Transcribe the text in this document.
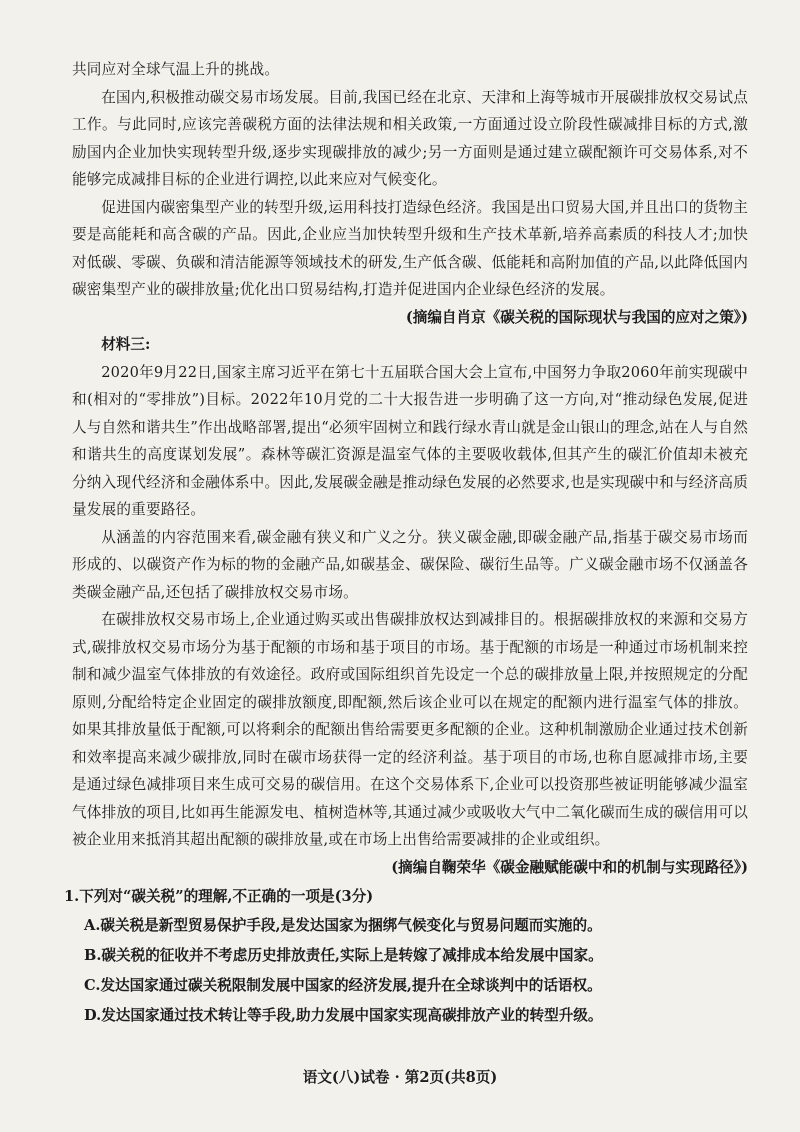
共同应对全球气温上升的挑战。

在国内,积极推动碳交易市场发展。目前,我国已经在北京、天津和上海等城市开展碳排放权交易试点工作。与此同时,应该完善碳税方面的法律法规和相关政策,一方面通过设立阶段性碳减排目标的方式,激励国内企业加快实现转型升级,逐步实现碳排放的减少;另一方面则是通过建立碳配额许可交易体系,对不能够完成减排目标的企业进行调控,以此来应对气候变化。

促进国内碳密集型产业的转型升级,运用科技打造绿色经济。我国是出口贸易大国,并且出口的货物主要是高能耗和高含碳的产品。因此,企业应当加快转型升级和生产技术革新,培养高素质的科技人才;加快对低碳、零碳、负碳和清洁能源等领域技术的研发,生产低含碳、低能耗和高附加值的产品,以此降低国内碳密集型产业的碳排放量;优化出口贸易结构,打造并促进国内企业绿色经济的发展。

(摘编自肖京《碳关税的国际现状与我国的应对之策》)

材料三:

2020年9月22日,国家主席习近平在第七十五届联合国大会上宣布,中国努力争取2060年前实现碳中和(相对的“零排放”)目标。2022年10月党的二十大报告进一步明确了这一方向,对“推动绿色发展,促进人与自然和谐共生”作出战略部署,提出“必须牢固树立和践行绿水青山就是金山银山的理念,站在人与自然和谐共生的高度谋划发展”。森林等碳汇资源是温室气体的主要吸收载体,但其产生的碳汇价值却未被充分纳入现代经济和金融体系中。因此,发展碳金融是推动绿色发展的必然要求,也是实现碳中和与经济高质量发展的重要路径。

从涵盖的内容范围来看,碳金融有狭义和广义之分。狭义碳金融,即碳金融产品,指基于碳交易市场而形成的、以碳资产作为标的物的金融产品,如碳基金、碳保险、碳衍生品等。广义碳金融市场不仅涵盖各类碳金融产品,还包括了碳排放权交易市场。

在碳排放权交易市场上,企业通过购买或出售碳排放权达到减排目的。根据碳排放权的来源和交易方式,碳排放权交易市场分为基于配额的市场和基于项目的市场。基于配额的市场是一种通过市场机制来控制和减少温室气体排放的有效途径。政府或国际组织首先设定一个总的碳排放量上限,并按照规定的分配原则,分配给特定企业固定的碳排放额度,即配额,然后该企业可以在规定的配额内进行温室气体的排放。如果其排放量低于配额,可以将剩余的配额出售给需要更多配额的企业。这种机制激励企业通过技术创新和效率提高来减少碳排放,同时在碳市场获得一定的经济利益。基于项目的市场,也称自愿减排市场,主要是通过绿色减排项目来生成可交易的碳信用。在这个交易体系下,企业可以投资那些被证明能够减少温室气体排放的项目,比如再生能源发电、植树造林等,其通过减少或吸收大气中二氧化碳而生成的碳信用可以被企业用来抵消其超出配额的碳排放量,或在市场上出售给需要减排的企业或组织。

(摘编自鞠荣华《碳金融赋能碳中和的机制与实现路径》)

1.下列对“碳关税”的理解,不正确的一项是(3分)

A.碳关税是新型贸易保护手段,是发达国家为捆绑气候变化与贸易问题而实施的。

B.碳关税的征收并不考虑历史排放责任,实际上是转嫁了减排成本给发展中国家。

C.发达国家通过碳关税限制发展中国家的经济发展,提升在全球谈判中的话语权。

D.发达国家通过技术转让等手段,助力发展中国家实现高碳排放产业的转型升级。

语文(八)试卷 · 第2页(共8页)
